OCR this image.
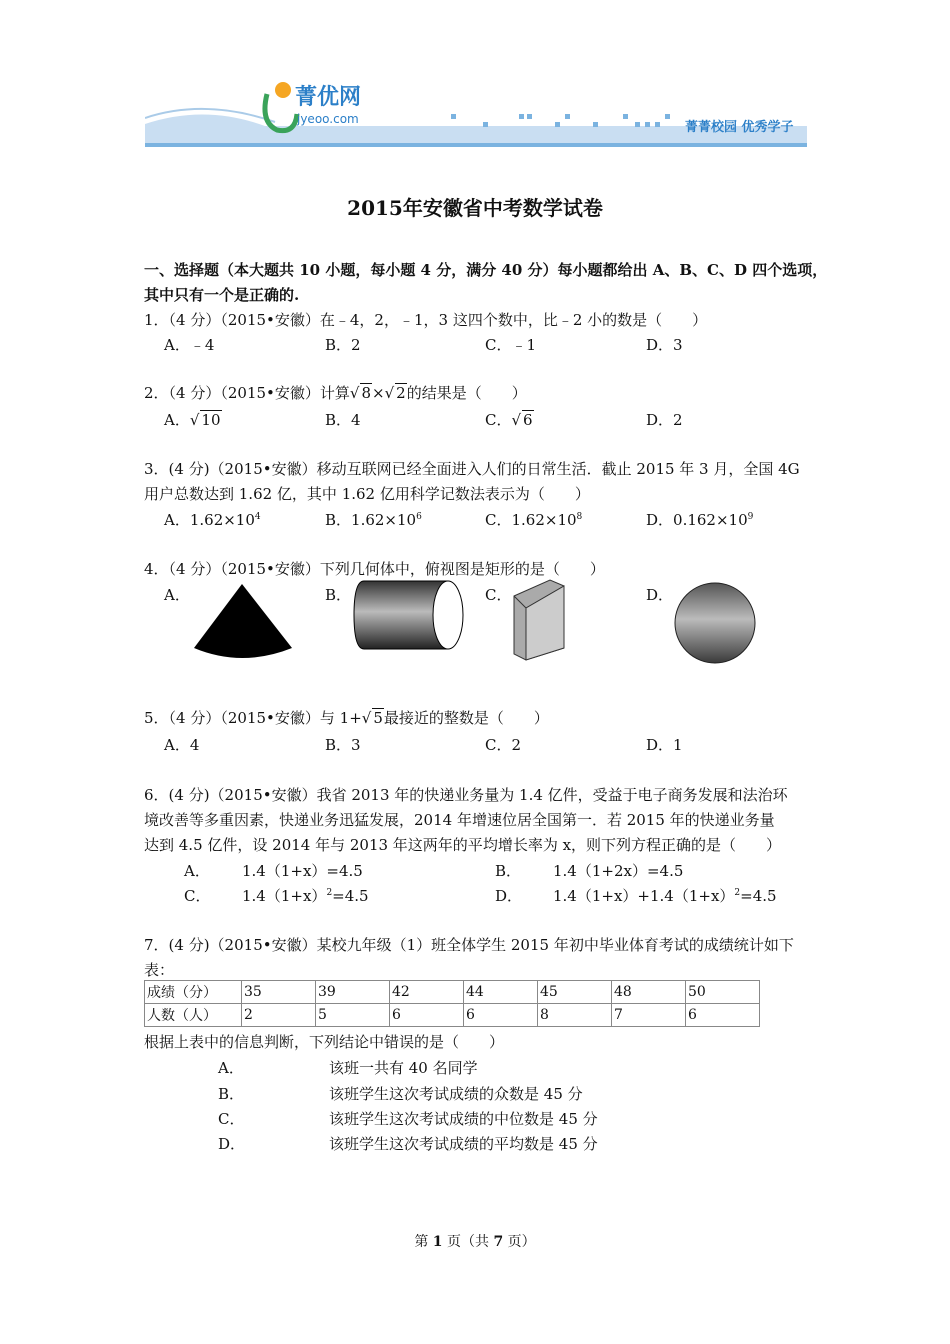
菁优网
jyeoo.com
菁菁校园 优秀学子
2015年安徽省中考数学试卷
一、选择题（本大题共 10 小题，每小题 4 分，满分 40 分）每小题都给出 A、B、C、D 四个选项，
其中只有一个是正确的.
1．（4 分）（2015•安徽）在﹣4，2，﹣1，3 这四个数中，比﹣2 小的数是（　　）
A．﹣4	B．2	C．﹣1	D．3
2．（4 分）（2015•安徽）计算√ 8×√ 2的结果是（　　）
A．√ 10	B．4	C．√ 6	D．2
3．(4 分)（2015•安徽）移动互联网已经全面进入人们的日常生活．截止 2015 年 3 月，全国 4G
用户总数达到 1.62 亿，其中 1.62 亿用科学记数法表示为（　　）
A．$1.62\times 10^4$	B．$1.62\times 10^6$	C．$1.62\times 10^8$	D．$0.162\times 10^9$
4．（4 分）（2015•安徽）下列几何体中，俯视图是矩形的是（　　）
A．	B．	C．	D．
5．（4 分）（2015•安徽）与 1+√ 5最接近的整数是（　　）
A．4	B．3	C．2	D．1
6．(4 分)（2015•安徽）我省 2013 年的快递业务量为 1.4 亿件，受益于电子商务发展和法治环
境改善等多重因素，快递业务迅猛发展，2014 年增速位居全国第一．若 2015 年的快递业务量
达到 4.5 亿件，设 2014 年与 2013 年这两年的平均增长率为 x，则下列方程正确的是（　　）
A． 1.4（1+x）=4.5	B． 1.4（1+2x）=4.5
C． $1.4(1+x)^2=4.5$	D． $1.4(1+x)+1.4(1+x)^2=4.5$
7．(4 分)（2015•安徽）某校九年级（1）班全体学生 2015 年初中毕业体育考试的成绩统计如下
表：
成绩（分）	35	39	42	44	45	48	50
人数（人）	2	5	6	6	8	7	6
根据上表中的信息判断，下列结论中错误的是（　　）
A．	该班一共有 40 名同学
B．	该班学生这次考试成绩的众数是 45 分
C．	该班学生这次考试成绩的中位数是 45 分
D．	该班学生这次考试成绩的平均数是 45 分
第 1 页（共 7 页）
